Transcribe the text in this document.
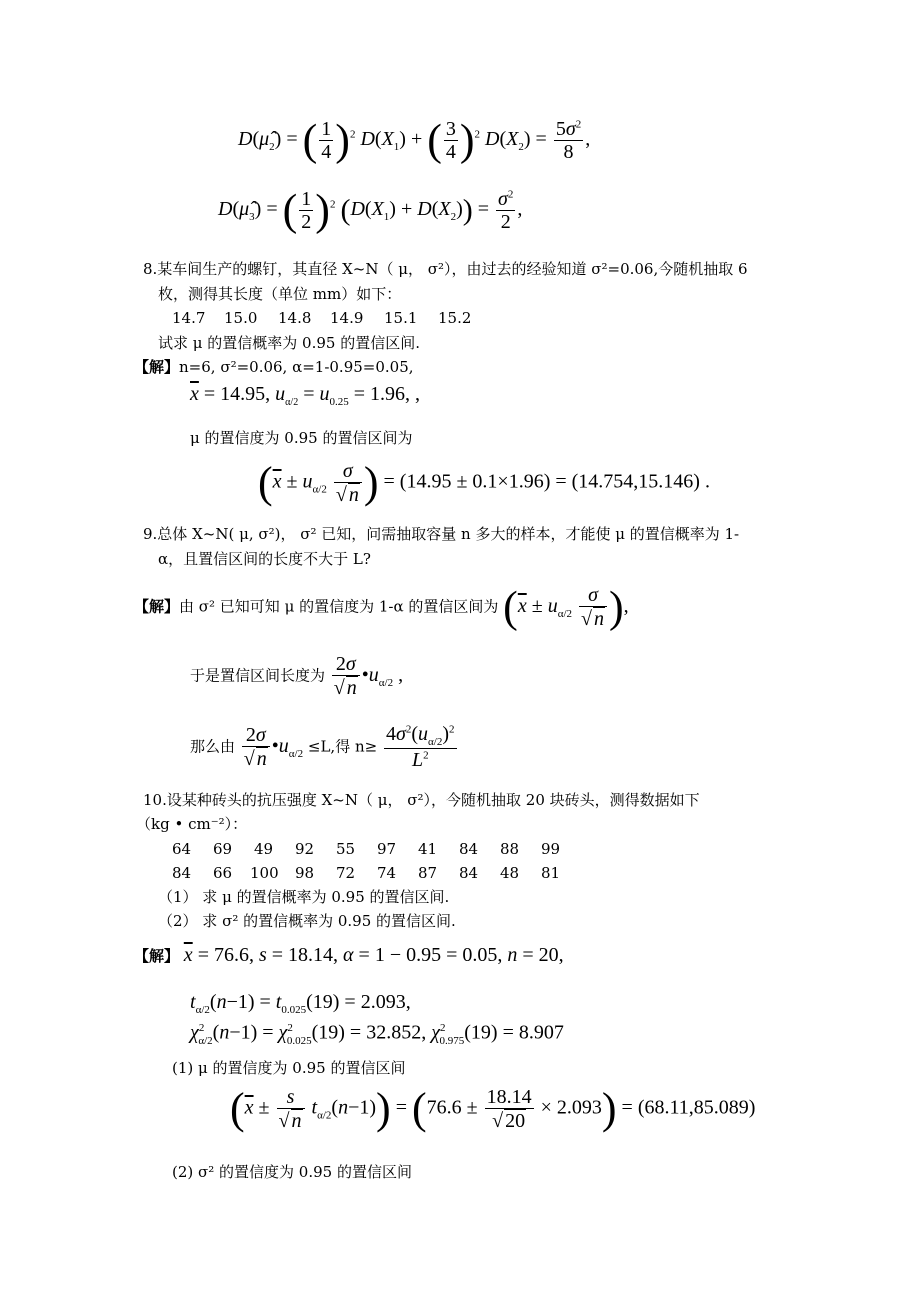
$D(\mû_2)$ = ( $\frac{1}{4} )^2$ $D(X_1)$ + ( $\frac{3}{4} )^2$ $D(X_2) = \frac{5\sigma^2}{8}$ ,
$D(\mû_3)$ = ( $\frac{1}{2} )^2$ $(D(X_1) + D(X_2)) = \frac{\sigma^2}{2}$ ,
8.某车间生产的螺钉，其直径 X~N（ μ， σ²），由过去的经验知道 σ²=0.06,今随机抽取 6
枚，测得其长度（单位 mm）如下：
14.7 15.0 14.8 14.9 15.1 15.2
试求 μ 的置信概率为 0.95 的置信区间.
【解】n=6, σ²=0.06, α=1-0.95=0.05,
$\overline{x} = 14.95$, $u_{\alpha/2} = u_{0.25} = 1.96$, ,
μ 的置信度为 0.95 的置信区间为
($\overline{x} \pm u_{\alpha/2} \frac{\sigma}{√ n}$ ) = (14.95 ± 0.1×1.96) = (14.754,15.146) .
9.总体 X~N( μ, σ²)， σ² 已知，问需抽取容量 n 多大的样本，才能使 μ 的置信概率为 1-
α，且置信区间的长度不大于 L?
【解】由 σ² 已知可知 μ 的置信度为 1-α 的置信区间为 ($\overline{x} \pm u_{\alpha/2} \frac{\sigma}{√ n}$ ),
于是置信区间长度为 $\frac{2\sigma}{√ n}$ $•u_{\alpha/2}$ ,
那么由 $\frac{2\sigma}{√ n}$ $•u_{\alpha/2} \le L$,得 $n\ge \frac{4\sigma^2(u_{\alpha/2})^2}{L^2}$
10.设某种砖头的抗压强度 X~N（ μ， σ²），今随机抽取 20 块砖头，测得数据如下
（kg • cm⁻²）：
64 69 49 92 55 97 41 84 88 99
84 66 100 98 72 74 87 84 48 81
（1） 求 μ 的置信概率为 0.95 的置信区间.
（2） 求 σ² 的置信概率为 0.95 的置信区间.
【解】 $\overline{x} = 76.6$, s = 18.14, α = 1 − 0.95 = 0.05, n = 20,
$t_{\alpha/2}(n-1) = t_{0.025}(19) = 2.093$,
$\chi^2_{\alpha/2}(n-1) = \chi^2_{0.025}(19) = 32.852$, $\chi^2_{0.975}(19) = 8.907$
(1) μ 的置信度为 0.95 的置信区间
$(\overline{x} \pm \frac{s}{√ n} t_{\alpha/2}(n-1)) = (76.6 \pm \frac{18.14}{√ 20} \times 2.093) = (68.11,85.089)$
(2) σ² 的置信度为 0.95 的置信区间
